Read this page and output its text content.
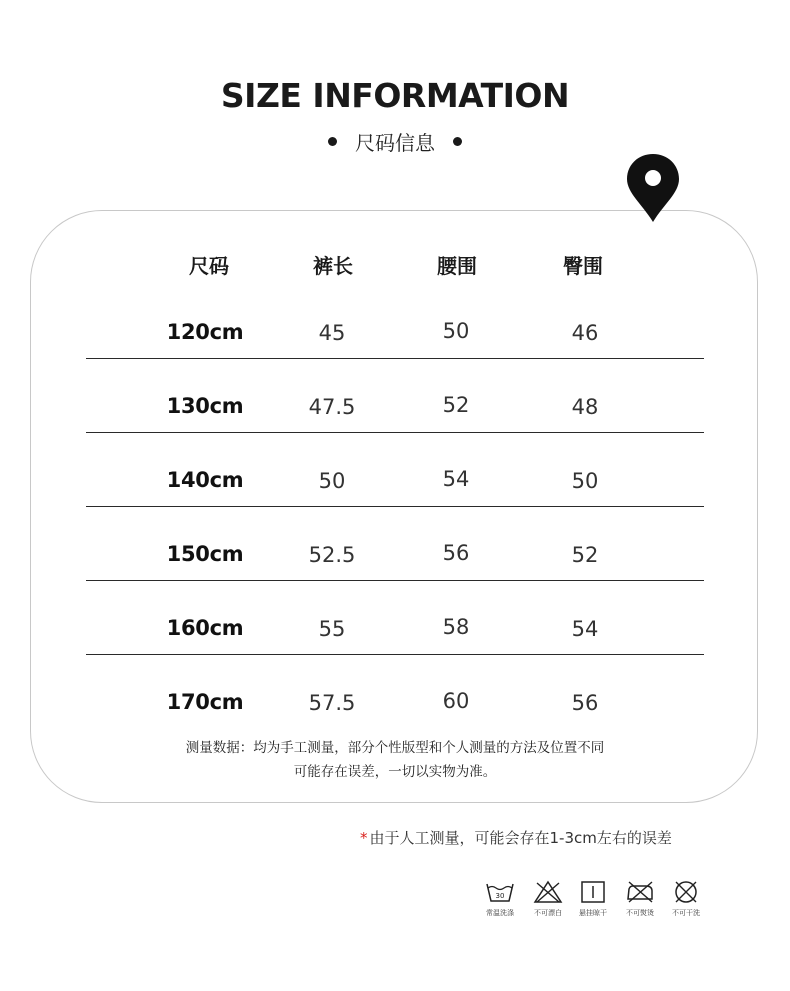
SIZE INFORMATION
尺码信息
尺码	裤长	腰围	臀围
120cm	45	50	46
130cm	47.5	52	48
140cm	50	54	50
150cm	52.5	56	52
160cm	55	58	54
170cm	57.5	60	56
测量数据：均为手工测量，部分个性版型和个人测量的方法及位置不同
可能存在误差，一切以实物为准。
* 由于人工测量，可能会存在1-3cm左右的误差
30
常温洗涤	不可漂白	悬挂晾干	不可熨烫	不可干洗
